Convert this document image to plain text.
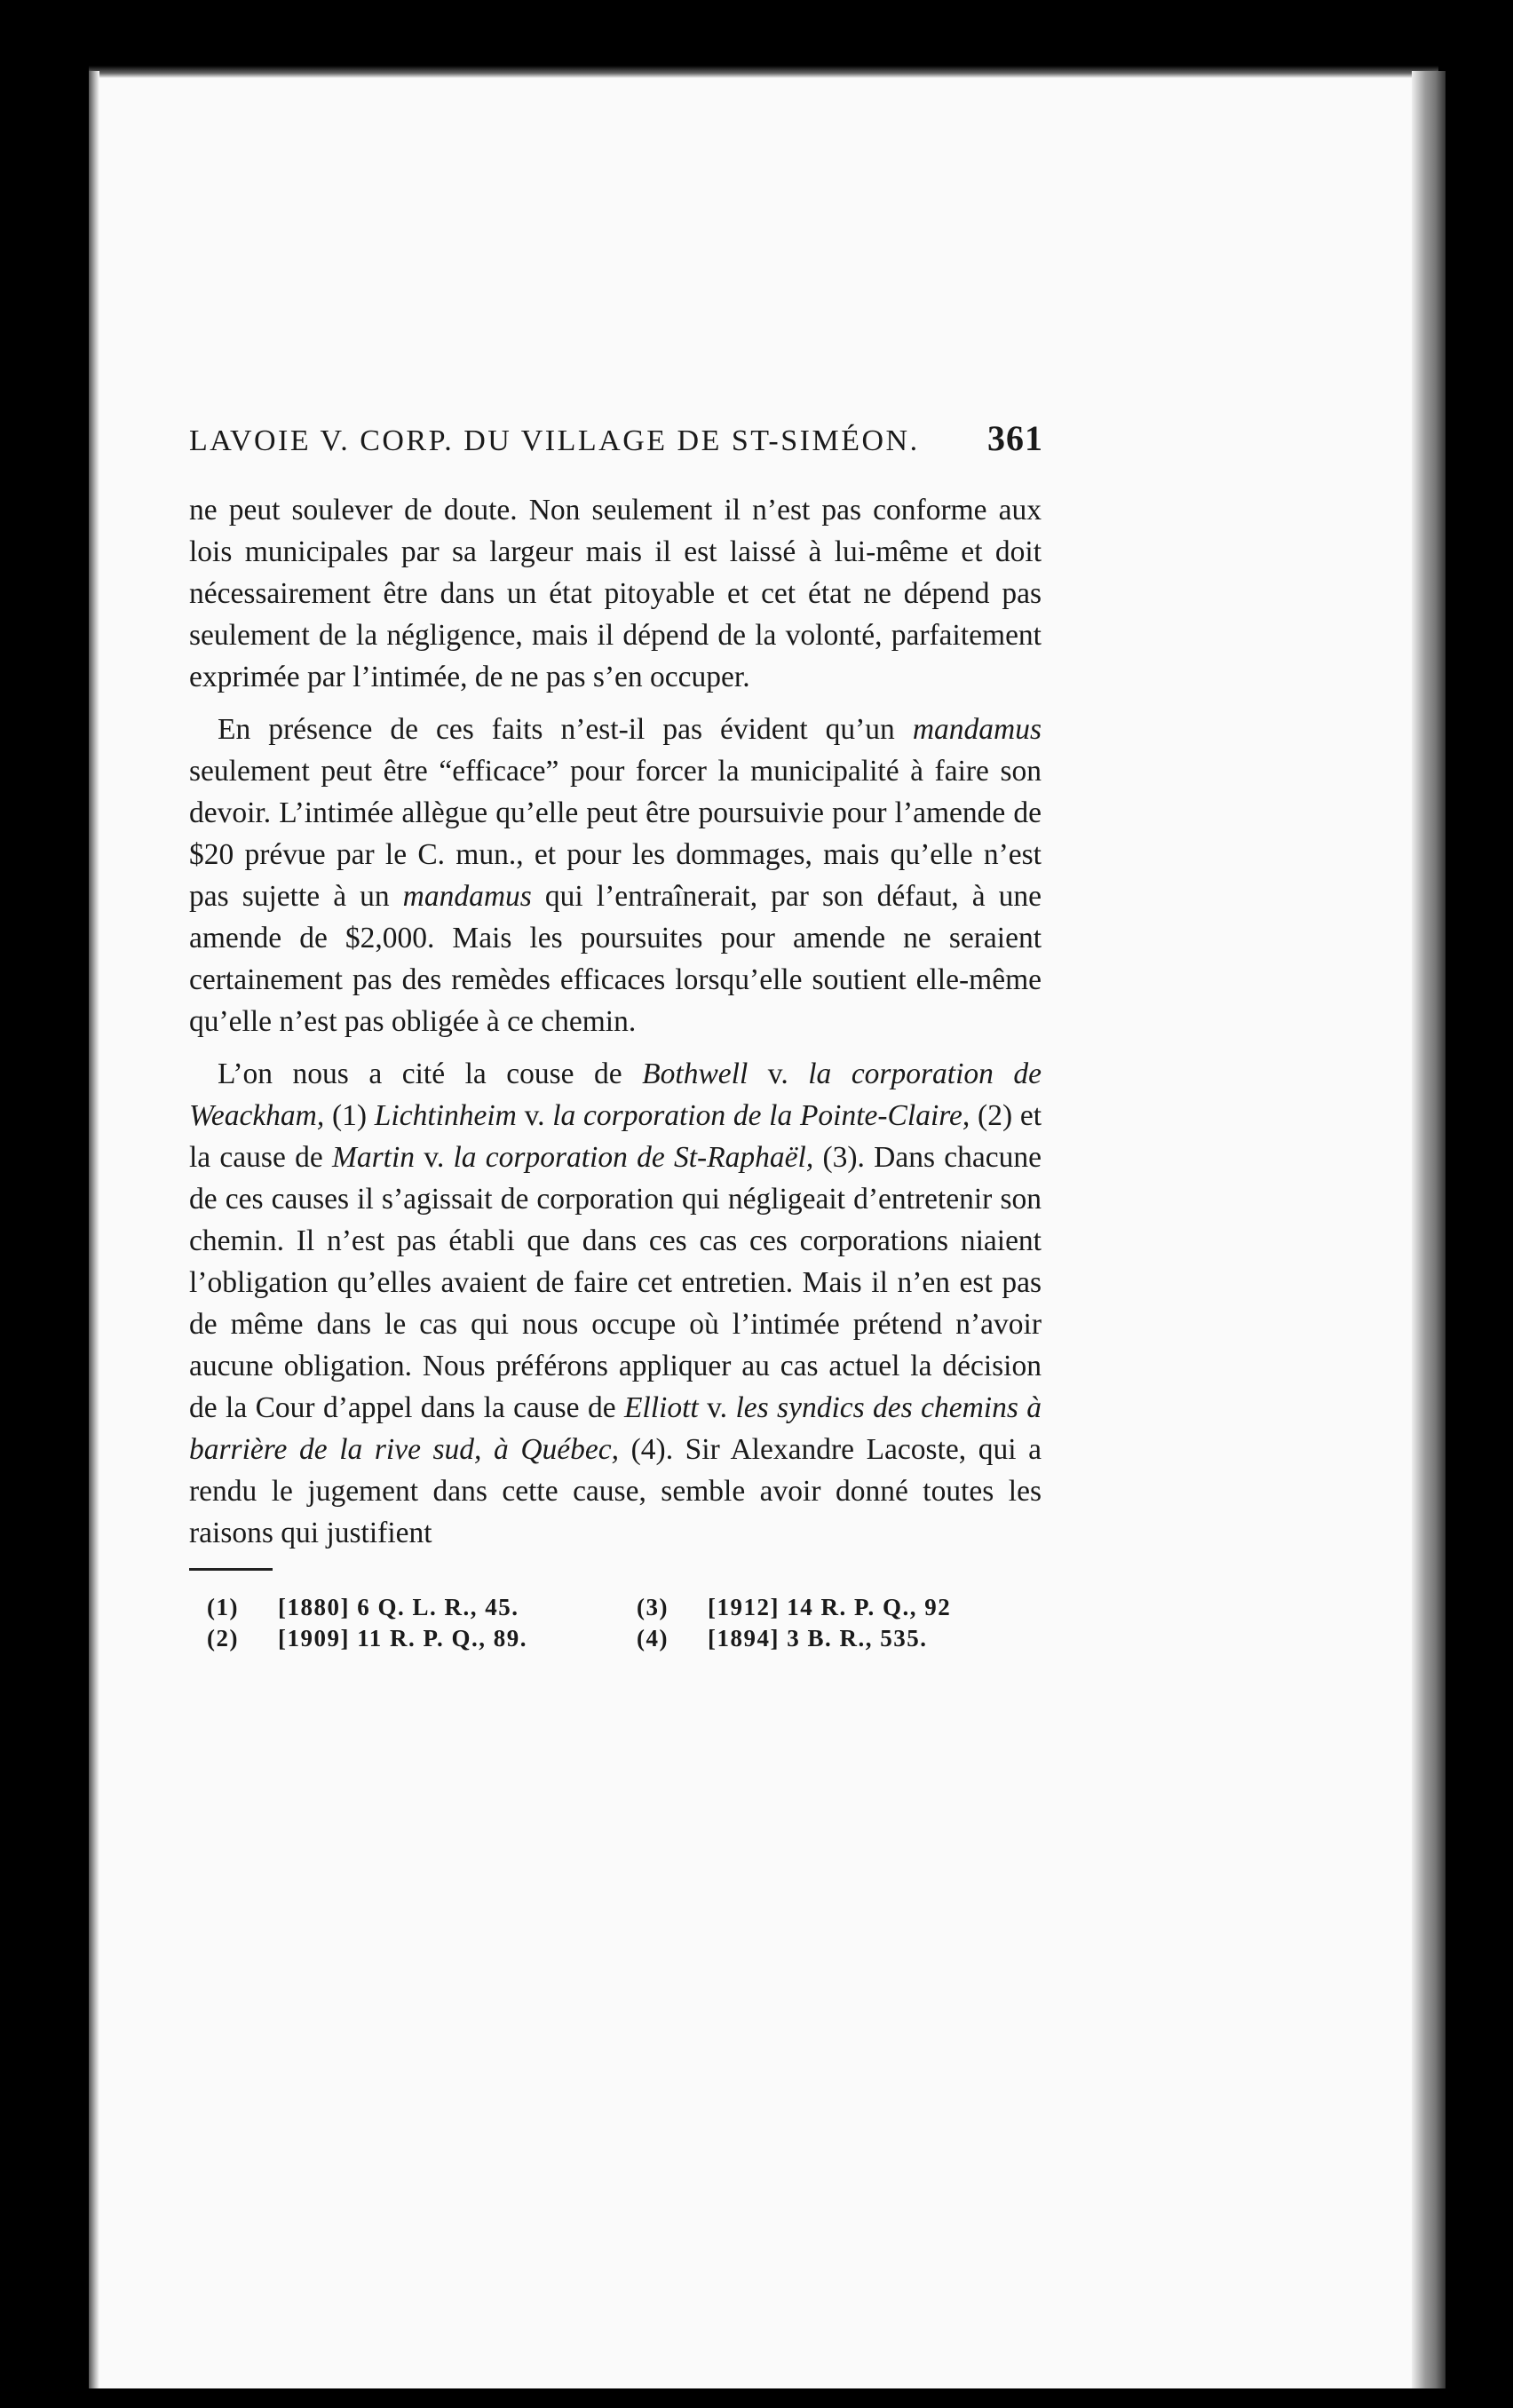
LAVOIE V. CORP. DU VILLAGE DE ST-SIMÉON. 361

ne peut soulever de doute. Non seulement il n’est pas conforme aux lois municipales par sa largeur mais il est laissé à lui-même et doit nécessairement être dans un état pitoyable et cet état ne dépend pas seulement de la négligence, mais il dépend de la volonté, parfaitement exprimée par l’intimée, de ne pas s’en occuper.

En présence de ces faits n’est-il pas évident qu’un mandamus seulement peut être “efficace” pour forcer la municipalité à faire son devoir. L’intimée allègue qu’elle peut être poursuivie pour l’amende de $20 prévue par le C. mun., et pour les dommages, mais qu’elle n’est pas sujette à un mandamus qui l’entraînerait, par son défaut, à une amende de $2,000. Mais les poursuites pour amende ne seraient certainement pas des remèdes efficaces lorsqu’elle soutient elle-même qu’elle n’est pas obligée à ce chemin.

L’on nous a cité la couse de Bothwell v. la corporation de Weackham, (1) Lichtinheim v. la corporation de la Pointe-Claire, (2) et la cause de Martin v. la corporation de St-Raphaël, (3). Dans chacune de ces causes il s’agissait de corporation qui négligeait d’entretenir son chemin. Il n’est pas établi que dans ces cas ces corporations niaient l’obligation qu’elles avaient de faire cet entretien. Mais il n’en est pas de même dans le cas qui nous occupe où l’intimée prétend n’avoir aucune obligation. Nous préférons appliquer au cas actuel la décision de la Cour d’appel dans la cause de Elliott v. les syndics des chemins à barrière de la rive sud, à Québec, (4). Sir Alexandre Lacoste, qui a rendu le jugement dans cette cause, semble avoir donné toutes les raisons qui justifient

(1) [1880] 6 Q. L. R., 45.	(3) [1912] 14 R. P. Q., 92
(2) [1909] 11 R. P. Q., 89.	(4) [1894] 3 B. R., 535.
